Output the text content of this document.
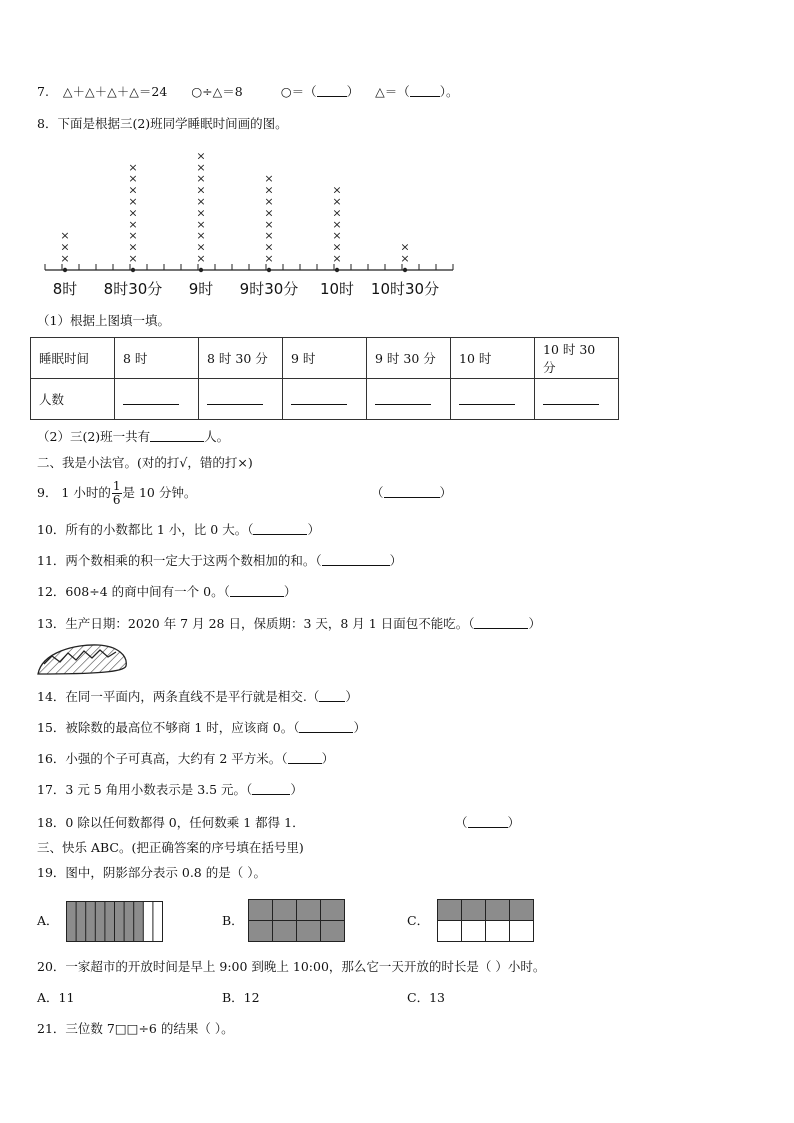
7. △＋△＋△＋△＝24 ○÷△＝8	○＝（ ） △＝（ ）。
8．下面是根据三(2)班同学睡眠时间画的图。
×
×
×
×
×
×
×
×
×
×
×
×
×
×
×
×
×
×
×
×
×
×
×
×
×
×
×
×
×
×
×
×
×
×
×
×
×
×
×
8时 8时30分 9时 9时30分 10时 10时30分
（1）根据上图填一填。
睡眠时间	8 时	8 时 30 分	9 时	9 时 30 分	10 时	10 时 30 分
人数						
（2）三(2)班一共有	人。
二、我是小法官。(对的打√，错的打×)
9． 1 小时的 $\frac{1}{6}$ 是 10 分钟。	（	）
10．所有的小数都比 1 小，比 0 大。（	）
11．两个数相乘的积一定大于这两个数相加的和。（	）
12．608÷4 的商中间有一个 0。（	）
13．生产日期：2020 年 7 月 28 日，保质期：3 天，8 月 1 日面包不能吃。（	）
14．在同一平面内，两条直线不是平行就是相交.（ ）
15．被除数的最高位不够商 1 时，应该商 0。（	）
16．小强的个子可真高，大约有 2 平方米。（	）
17．3 元 5 角用小数表示是 3.5 元。（	）
18．0 除以任何数都得 0，任何数乘 1 都得 1．	（	）
三、快乐 ABC。(把正确答案的序号填在括号里)
19．图中，阴影部分表示 0.8 的是（ ）。
A．	B．	C．
20．一家超市的开放时间是早上 9:00 到晚上 10:00，那么它一天开放的时长是（ ）小时。
A．11	B．12	C．13
21．三位数 7□□÷6 的结果（ ）。
